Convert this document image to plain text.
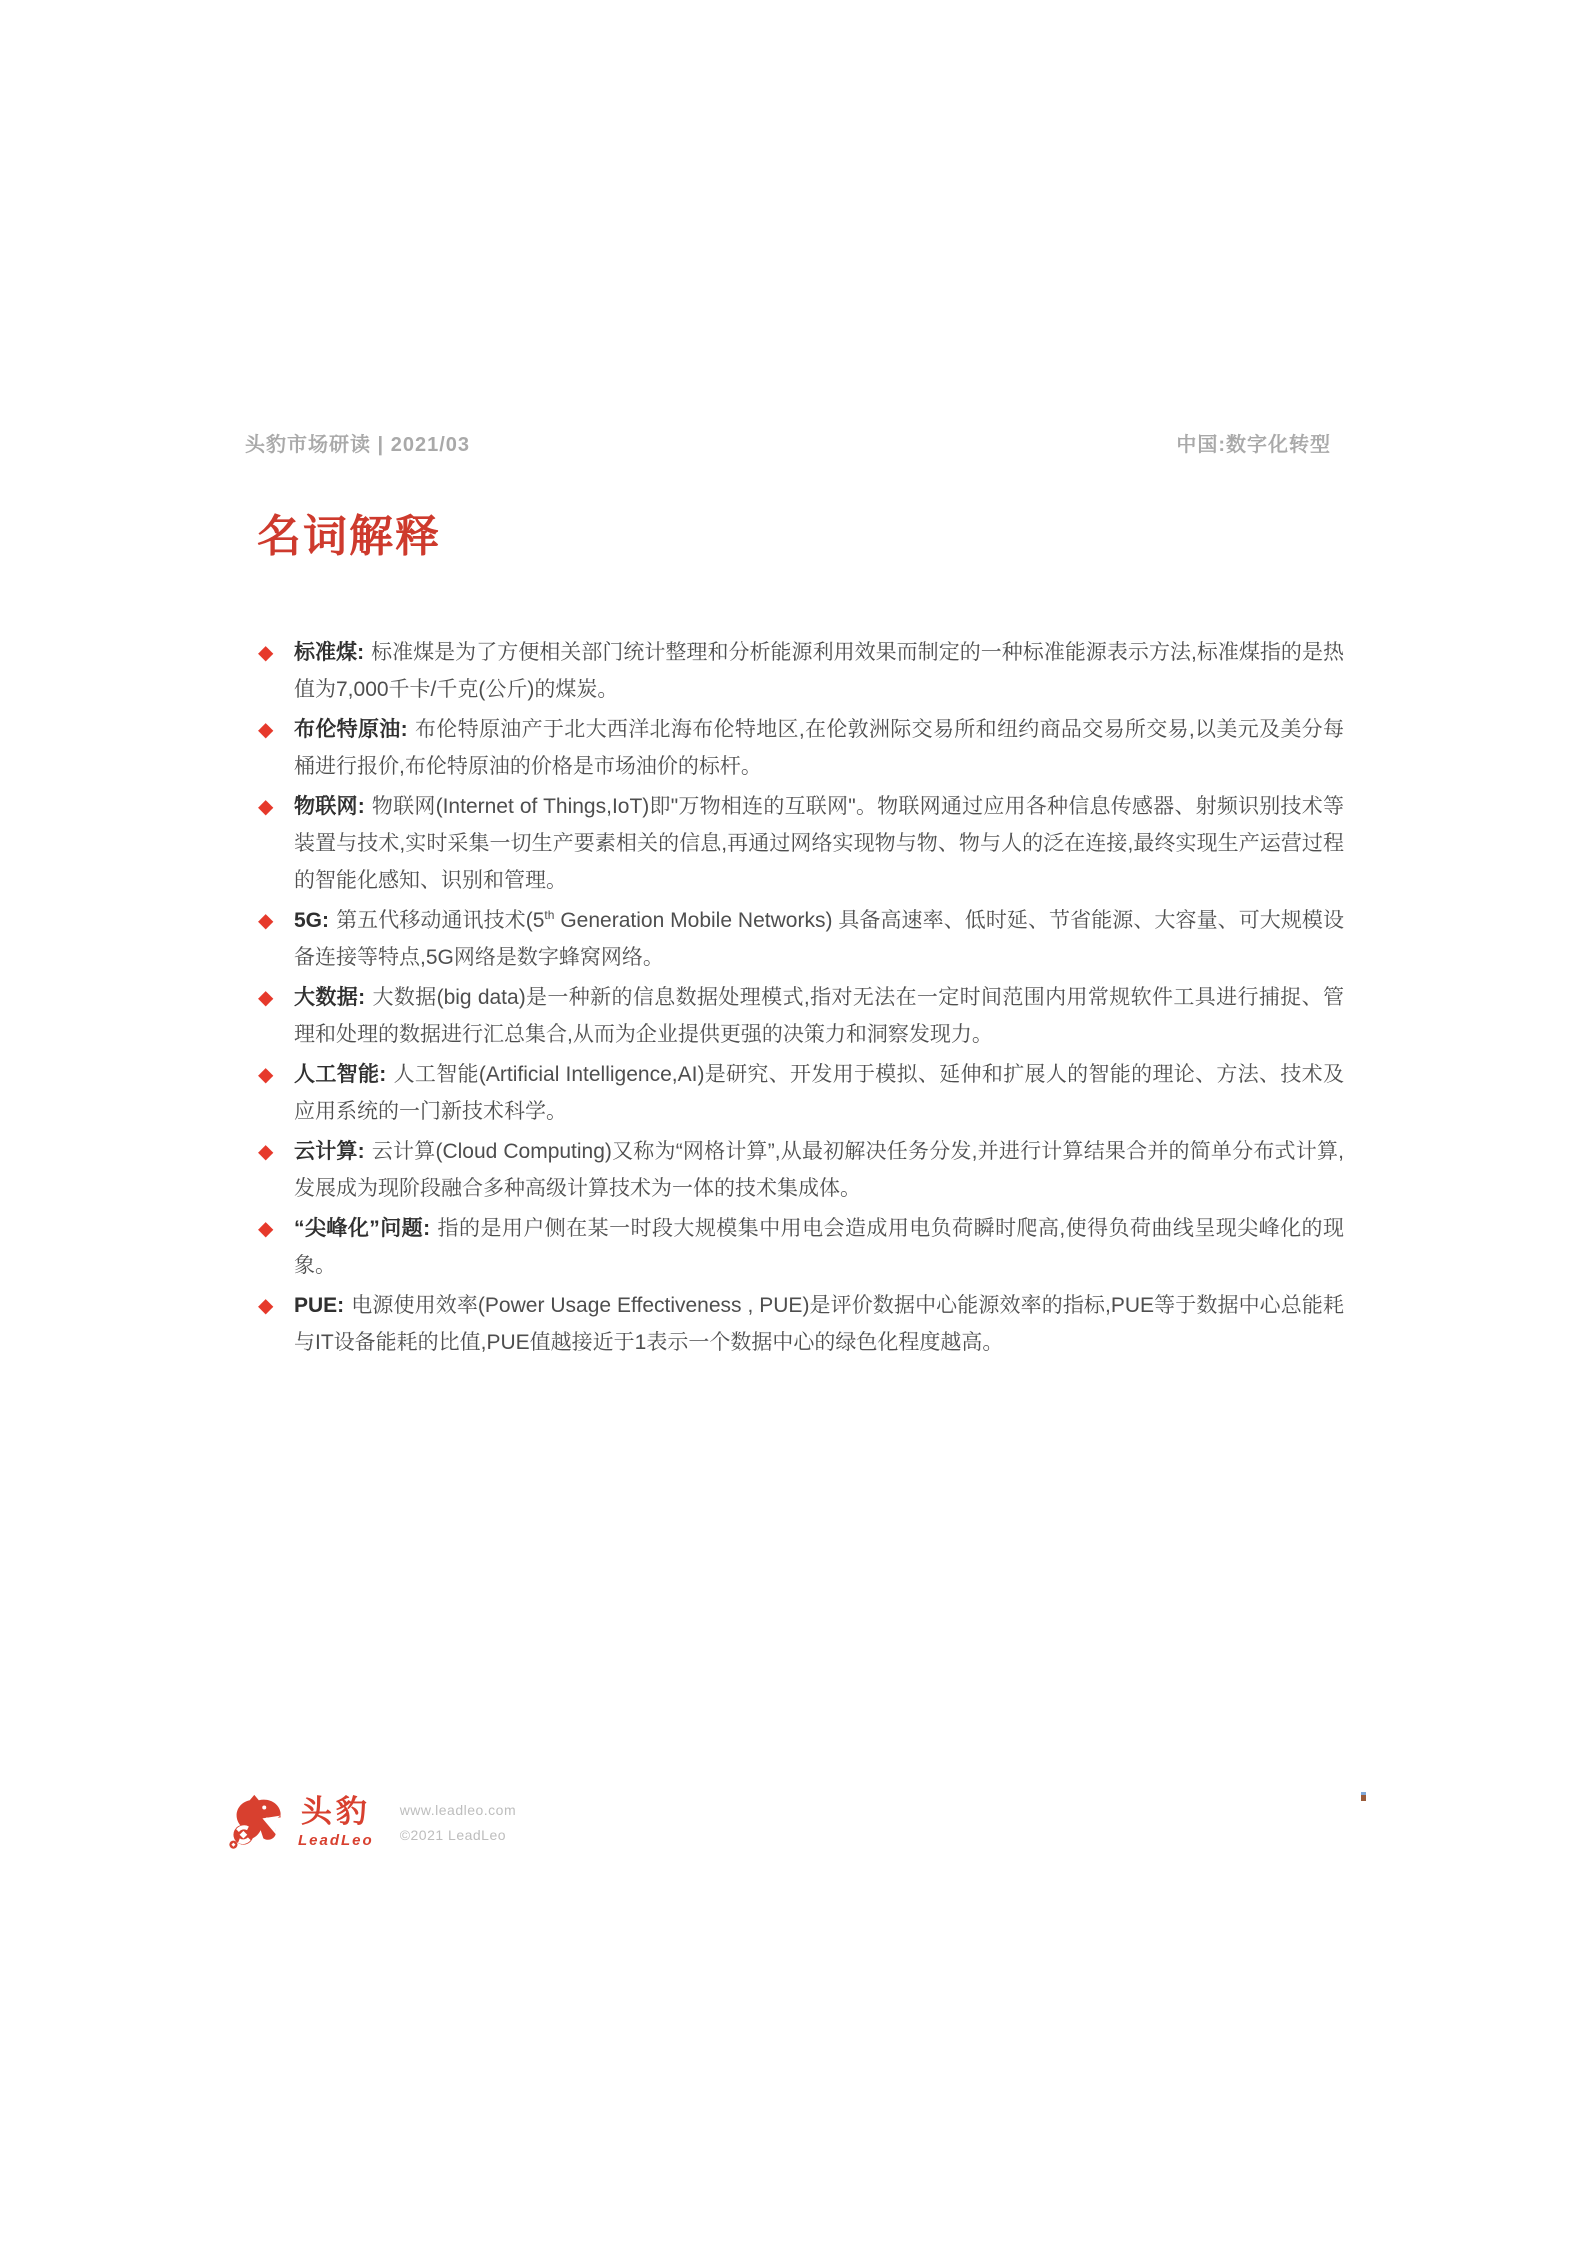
头豹市场研读 | 2021/03	中国:数字化转型
名词解释
◆ 标准煤: 标准煤是为了方便相关部门统计整理和分析能源利用效果而制定的一种标准能源表示方法,标准煤指的是热值为7,000千卡/千克(公斤)的煤炭。
◆ 布伦特原油: 布伦特原油产于北大西洋北海布伦特地区,在伦敦洲际交易所和纽约商品交易所交易,以美元及美分每桶进行报价,布伦特原油的价格是市场油价的标杆。
◆ 物联网: 物联网(Internet of Things,IoT)即"万物相连的互联网"。物联网通过应用各种信息传感器、射频识别技术等装置与技术,实时采集一切生产要素相关的信息,再通过网络实现物与物、物与人的泛在连接,最终实现生产运营过程的智能化感知、识别和管理。
◆ 5G: 第五代移动通讯技术(5th Generation Mobile Networks) 具备高速率、低时延、节省能源、大容量、可大规模设备连接等特点,5G网络是数字蜂窝网络。
◆ 大数据: 大数据(big data)是一种新的信息数据处理模式,指对无法在一定时间范围内用常规软件工具进行捕捉、管理和处理的数据进行汇总集合,从而为企业提供更强的决策力和洞察发现力。
◆ 人工智能: 人工智能(Artificial Intelligence,AI)是研究、开发用于模拟、延伸和扩展人的智能的理论、方法、技术及应用系统的一门新技术科学。
◆ 云计算: 云计算(Cloud Computing)又称为“网格计算”,从最初解决任务分发,并进行计算结果合并的简单分布式计算,发展成为现阶段融合多种高级计算技术为一体的技术集成体。
◆ “尖峰化”问题: 指的是用户侧在某一时段大规模集中用电会造成用电负荷瞬时爬高,使得负荷曲线呈现尖峰化的现象。
◆ PUE: 电源使用效率(Power Usage Effectiveness , PUE)是评价数据中心能源效率的指标,PUE等于数据中心总能耗与IT设备能耗的比值,PUE值越接近于1表示一个数据中心的绿色化程度越高。
头豹
LeadLeo
www.leadleo.com
©2021 LeadLeo
